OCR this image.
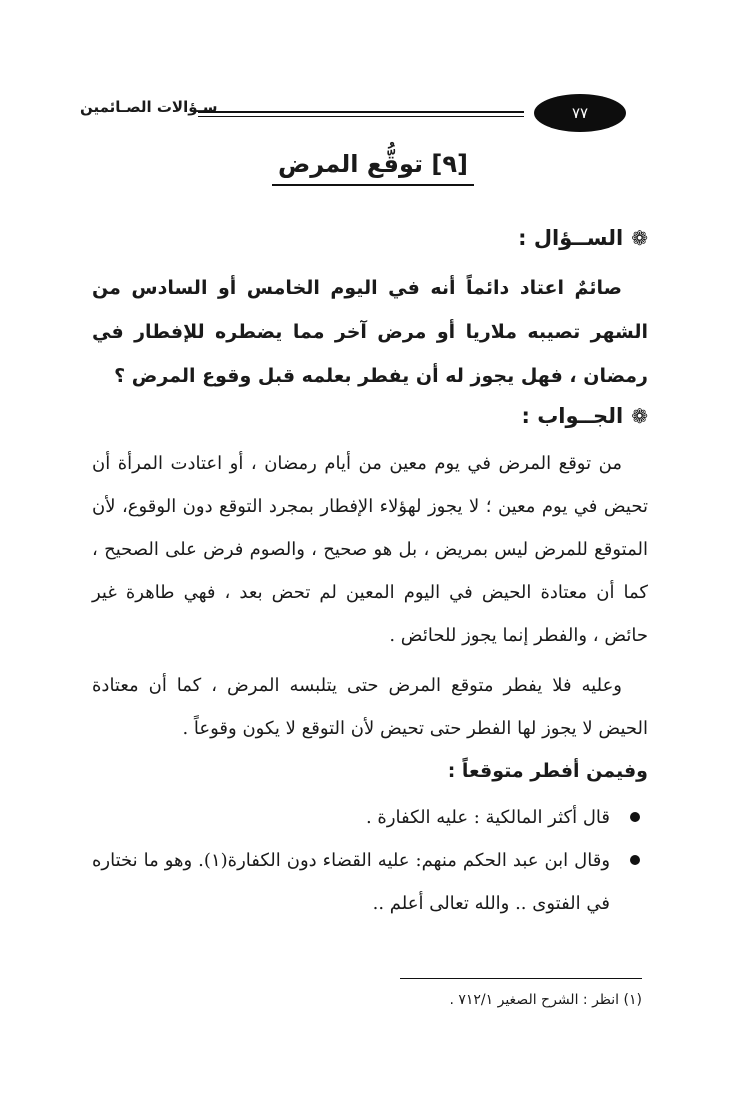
سـؤالات الصـائمين	٧٧
[٩] توقُّع المرض
❁الســؤال :
صائمٌ اعتاد دائماً أنه في اليوم الخامس أو السادس من الشهر تصيبه ملاريا أو مرض آخر مما يضطره للإفطار في رمضان ، فهل يجوز له أن يفطر بعلمه قبل وقوع المرض ؟
❁الجــواب :
من توقع المرض في يوم معين من أيام رمضان ، أو اعتادت المرأة أن تحيض في يوم معين ؛ لا يجوز لهؤلاء الإفطار بمجرد التوقع دون الوقوع، لأن المتوقع للمرض ليس بمريض ، بل هو صحيح ، والصوم فرض على الصحيح ، كما أن معتادة الحيض في اليوم المعين لم تحض بعد ، فهي طاهرة غير حائض ، والفطر إنما يجوز للحائض .
وعليه فلا يفطر متوقع المرض حتى يتلبسه المرض ، كما أن معتادة الحيض لا يجوز لها الفطر حتى تحيض لأن التوقع لا يكون وقوعاً .
وفيمن أفطر متوقعاً :
قال أكثر المالكية : عليه الكفارة .
وقال ابن عبد الحكم منهم: عليه القضاء دون الكفارة(١). وهو ما نختاره في الفتوى .. والله تعالى أعلم ..
(١) انظر : الشرح الصغير ٧١٢/١ .
